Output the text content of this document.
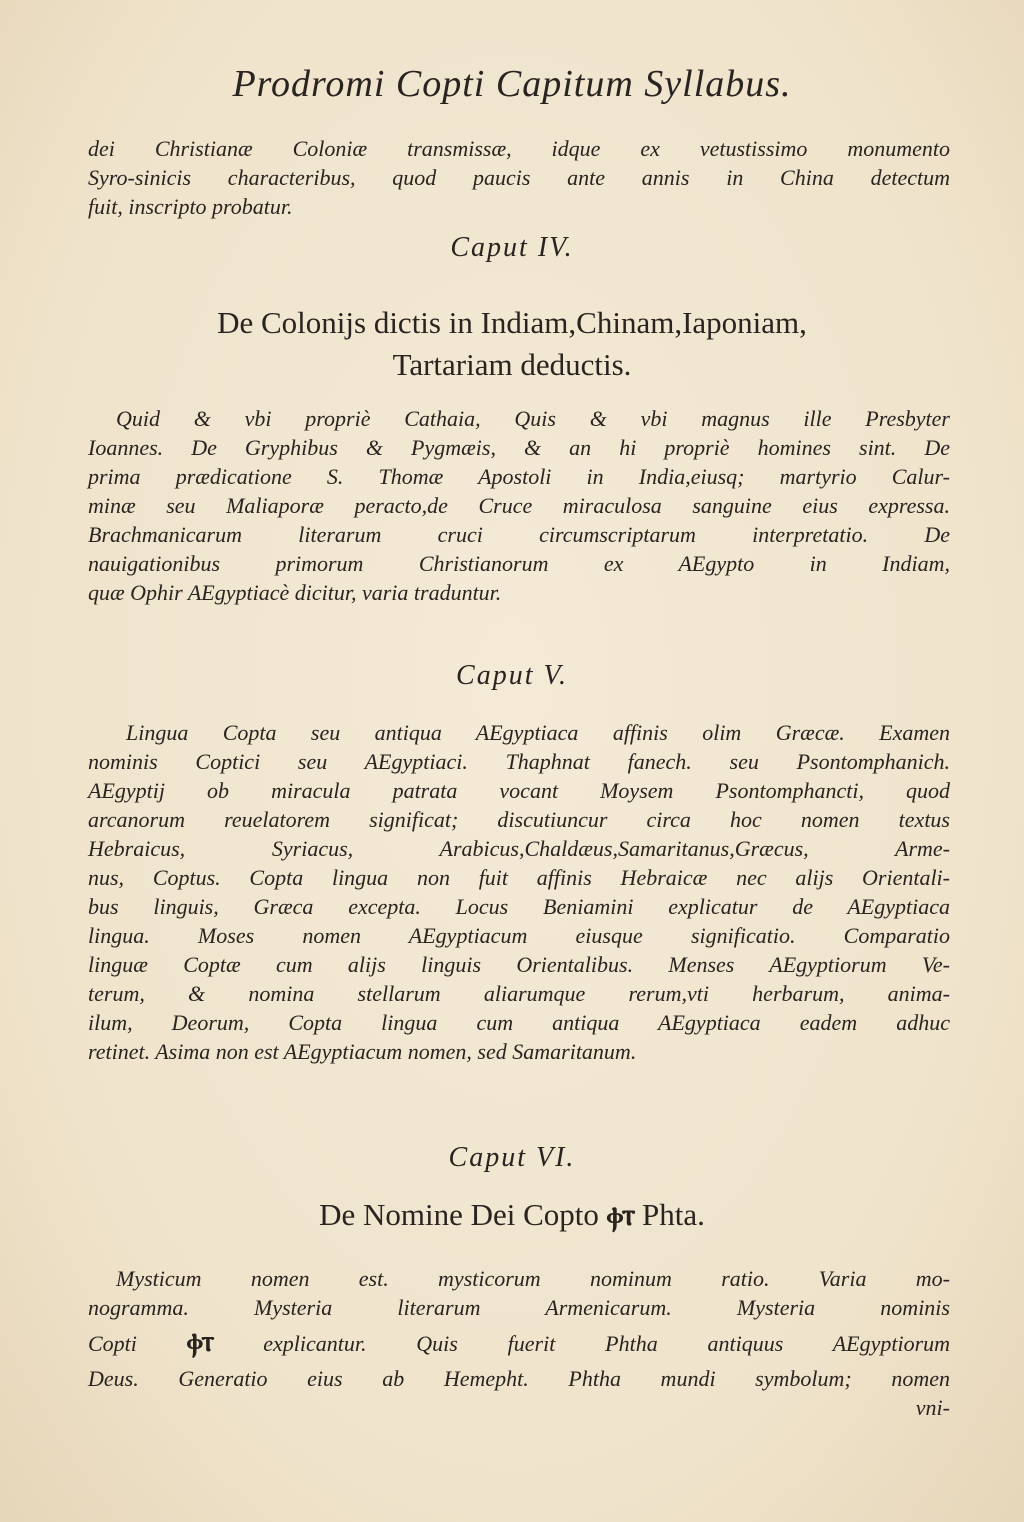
Prodromi Copti Capitum Syllabus.
dei Christianæ Coloniæ transmissæ, idque ex vetustissimo monumento
Syro-sinicis characteribus, quod paucis ante annis in China detectum
fuit, inscripto probatur.
Caput IV.
De Colonijs dictis in Indiam,Chinam,Iaponiam,
Tartariam deductis.
Quid & vbi propriè Cathaia, Quis & vbi magnus ille Presbyter
Ioannes. De Gryphibus & Pygmæis, & an hi propriè homines sint. De
prima prædicatione S. Thomæ Apostoli in India,eiusq; martyrio Calur-
minæ seu Maliaporæ peracto,de Cruce miraculosa sanguine eius expressa.
Brachmanicarum literarum cruci circumscriptarum interpretatio. De
nauigationibus primorum Christianorum ex AEgypto in Indiam,
quæ Ophir AEgyptiacè dicitur, varia traduntur.
Caput V.
Lingua Copta seu antiqua AEgyptiaca affinis olim Græcæ. Examen
nominis Coptici seu AEgyptiaci. Thaphnat fanech. seu Psontomphanich.
AEgyptij ob miracula patrata vocant Moysem Psontomphancti, quod
arcanorum reuelatorem significat; discutiuncur circa hoc nomen textus
Hebraicus, Syriacus, Arabicus,Chaldæus,Samaritanus,Græcus, Arme-
nus, Coptus. Copta lingua non fuit affinis Hebraicæ nec alijs Orientali-
bus linguis, Græca excepta. Locus Beniamini explicatur de AEgyptiaca
lingua. Moses nomen AEgyptiacum eiusque significatio. Comparatio
linguæ Coptæ cum alijs linguis Orientalibus. Menses AEgyptiorum Ve-
terum, & nomina stellarum aliarumque rerum,vti herbarum, anima-
ilum, Deorum, Copta lingua cum antiqua AEgyptiaca eadem adhuc
retinet. Asima non est AEgyptiacum nomen, sed Samaritanum.
Caput VI.
De Nomine Dei Copto ⲫⲧ Phta.
Mysticum nomen est. mysticorum nominum ratio. Varia mo-
nogramma. Mysteria literarum Armenicarum. Mysteria nominis
Copti ⲫⲧ explicantur. Quis fuerit Phtha antiquus AEgyptiorum
Deus. Generatio eius ab Hemepht. Phtha mundi symbolum; nomen
vni-
